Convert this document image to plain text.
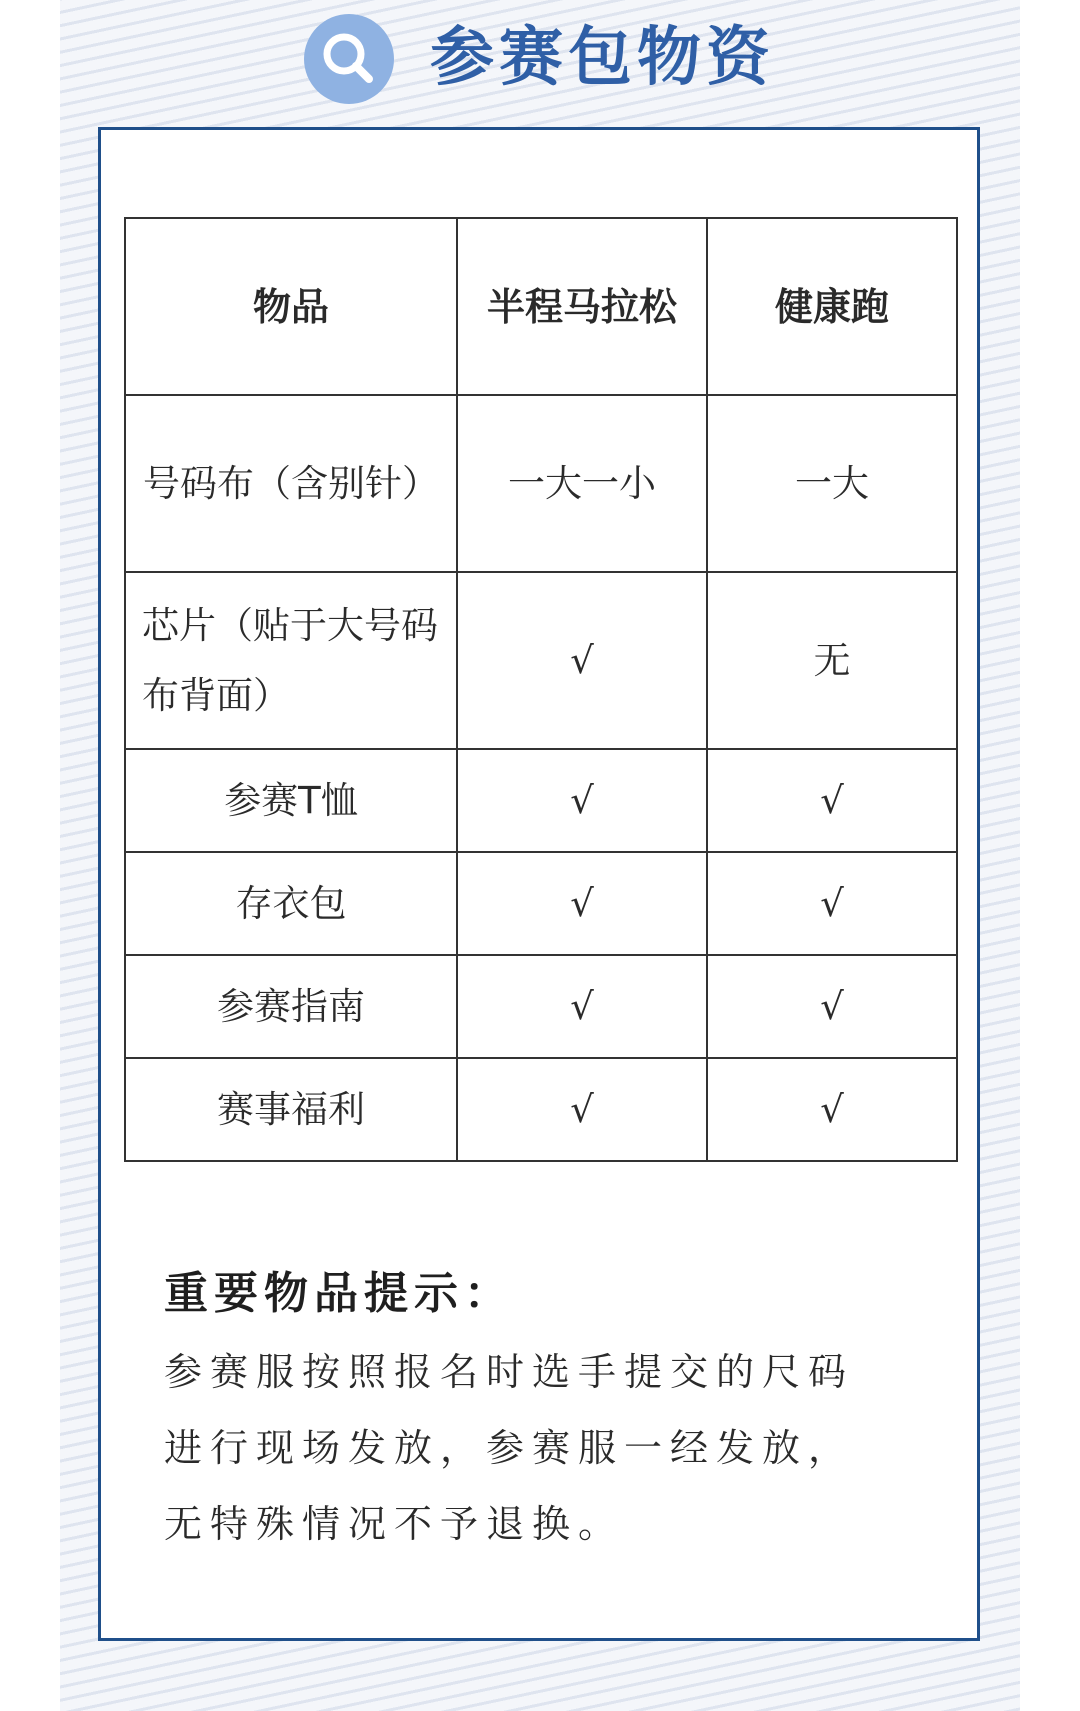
参赛包物资
物品	半程马拉松	健康跑
号码布（含别针）	一大一小	一大
芯片（贴于大号码布背面）	√	无
参赛T恤	√	√
存衣包	√	√
参赛指南	√	√
赛事福利	√	√
重要物品提示：

参赛服按照报名时选手提交的尺码

进行现场发放，参赛服一经发放，

无特殊情况不予退换。
